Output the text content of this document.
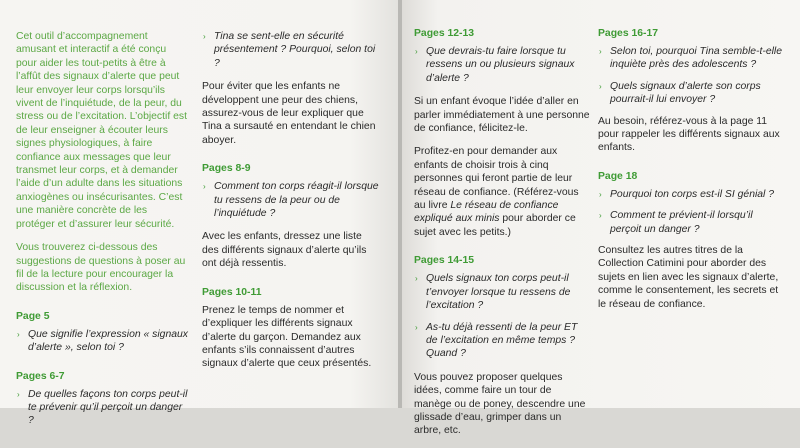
Cet outil d’accompagnement amusant et interactif a été conçu pour aider les tout-petits à être à l’affût des signaux d’alerte que peut leur envoyer leur corps lorsqu’ils vivent de l’inquiétude, de la peur, du stress ou de l’excitation. L’objectif est de leur enseigner à écouter leurs signes physiologiques, à faire confiance aux messages que leur transmet leur corps, et à demander l’aide d’un adulte dans les situations anxiogènes ou insécurisantes. C’est une manière concrète de les protéger et d’assurer leur sécurité.

Vous trouverez ci-dessous des suggestions de questions à poser au fil de la lecture pour encourager la discussion et la réflexion.

Page 5
› Que signifie l’expression « signaux d’alerte », selon toi ?
Pages 6-7
› De quelles façons ton corps peut-il te prévenir qu’il perçoit un danger ?
› Tina se sent-elle en sécurité présentement ? Pourquoi, selon toi ?

Pour éviter que les enfants ne développent une peur des chiens, assurez-vous de leur expliquer que Tina a sursauté en entendant le chien aboyer.

Pages 8-9
› Comment ton corps réagit-il lorsque tu ressens de la peur ou de l’inquiétude ?

Avec les enfants, dressez une liste des différents signaux d’alerte qu’ils ont déjà ressentis.

Pages 10-11

Prenez le temps de nommer et d’expliquer les différents signaux d’alerte du garçon. Demandez aux enfants s’ils connaissent d’autres signaux d’alerte que ceux présentés.

Pages 12-13
› Que devrais-tu faire lorsque tu ressens un ou plusieurs signaux d’alerte ?

Si un enfant évoque l’idée d’aller en parler immédiatement à une personne de confiance, félicitez-le.

Profitez-en pour demander aux enfants de choisir trois à cinq personnes qui feront partie de leur réseau de confiance. (Référez-vous au livre Le réseau de confiance expliqué aux minis pour aborder ce sujet avec les petits.)

Pages 14-15
› Quels signaux ton corps peut-il t’envoyer lorsque tu ressens de l’excitation ?
› As-tu déjà ressenti de la peur ET de l’excitation en même temps ? Quand ?

Vous pouvez proposer quelques idées, comme faire un tour de manège ou de poney, descendre une glissade d’eau, grimper dans un arbre, etc.

Pages 16-17
› Selon toi, pourquoi Tina semble-t-elle inquiète près des adolescents ?
› Quels signaux d’alerte son corps pourrait-il lui envoyer ?

Au besoin, référez-vous à la page 11 pour rappeler les différents signaux aux enfants.

Page 18
› Pourquoi ton corps est-il SI génial ?
› Comment te prévient-il lorsqu’il perçoit un danger ?

Consultez les autres titres de la Collection Catimini pour aborder des sujets en lien avec les signaux d’alerte, comme le consentement, les secrets et le réseau de confiance.
